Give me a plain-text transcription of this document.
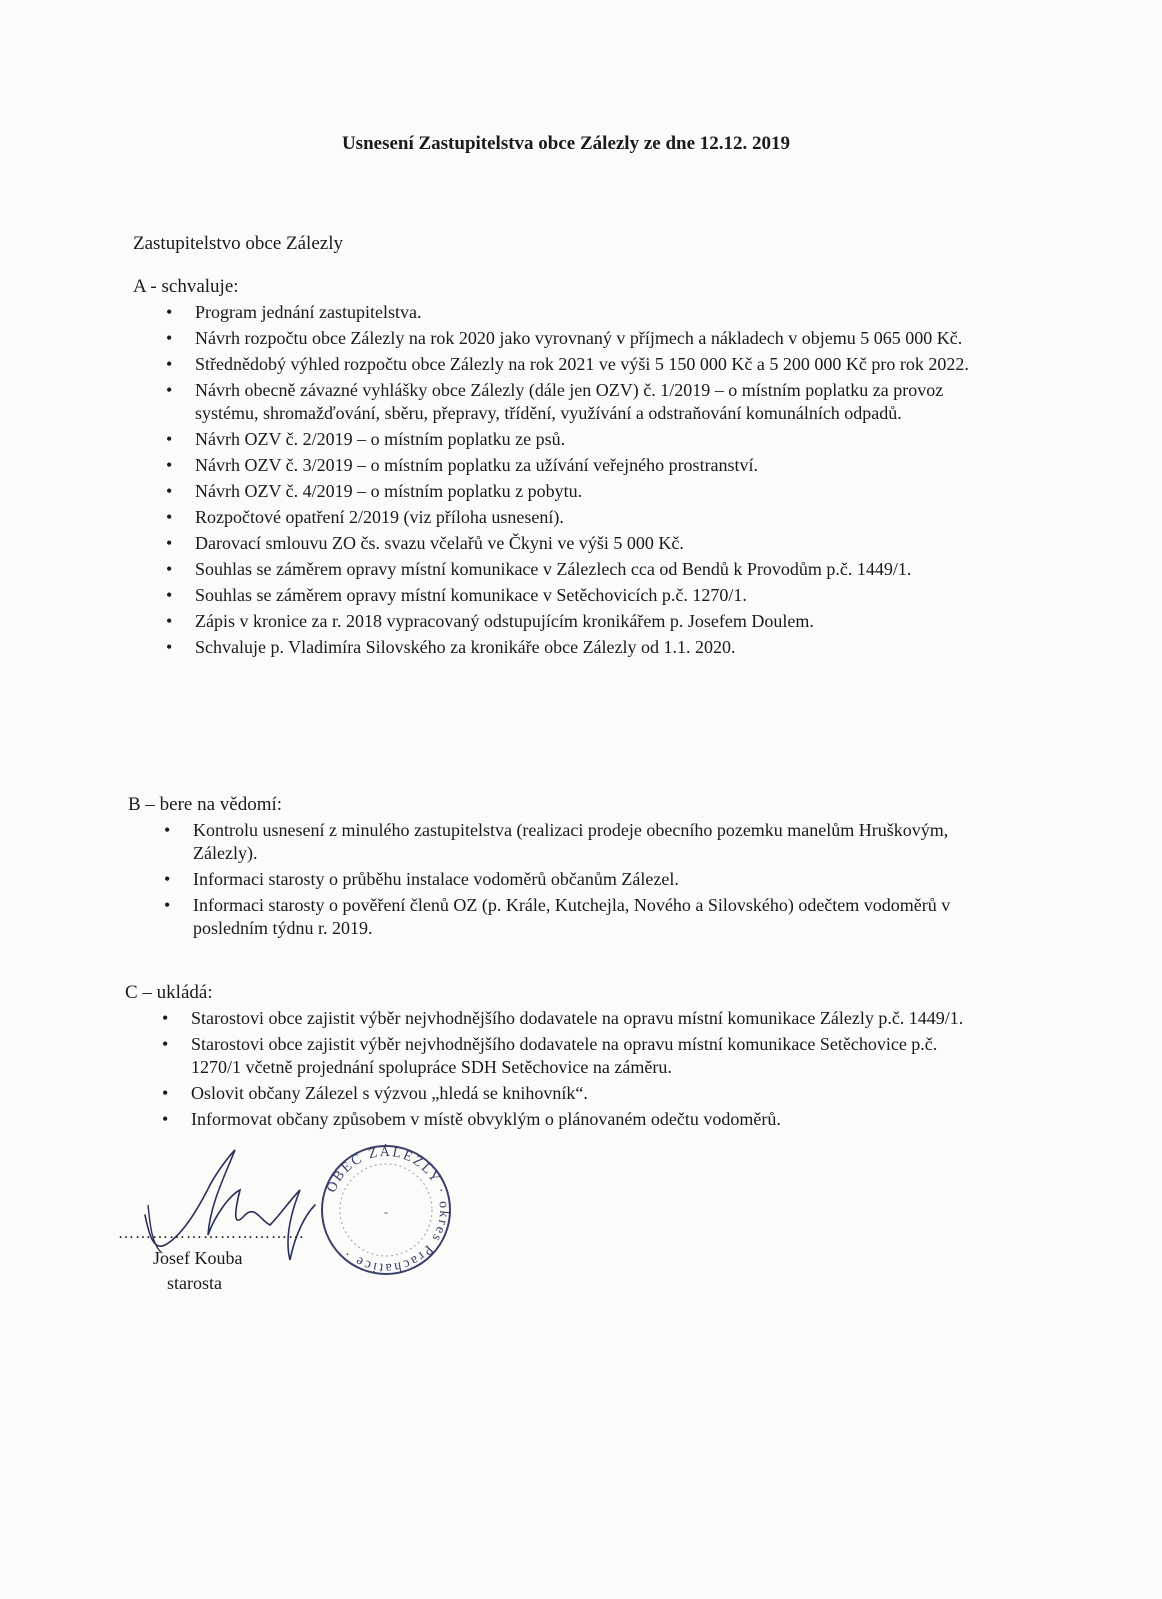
Usnesení Zastupitelstva obce Zálezly ze dne 12.12. 2019

Zastupitelstvo obce Zálezly

A - schvaluje:

• Program jednání zastupitelstva.
• Návrh rozpočtu obce Zálezly na rok 2020 jako vyrovnaný v příjmech a nákladech v objemu 5 065 000 Kč.
• Střednědobý výhled rozpočtu obce Zálezly na rok 2021 ve výši 5 150 000 Kč a 5 200 000 Kč pro rok 2022.
• Návrh obecně závazné vyhlášky obce Zálezly (dále jen OZV) č. 1/2019 – o místním poplatku za provoz systému, shromažďování, sběru, přepravy, třídění, využívání a odstraňování komunálních odpadů.
• Návrh OZV č. 2/2019 – o místním poplatku ze psů.
• Návrh OZV č. 3/2019 – o místním poplatku za užívání veřejného prostranství.
• Návrh OZV č. 4/2019 – o místním poplatku z pobytu.
• Rozpočtové opatření 2/2019 (viz příloha usnesení).
• Darovací smlouvu ZO čs. svazu včelařů ve Čkyni ve výši 5 000 Kč.
• Souhlas se záměrem opravy místní komunikace v Zálezlech cca od Bendů k Provodům p.č. 1449/1.
• Souhlas se záměrem opravy místní komunikace v Setěchovicích p.č. 1270/1.
• Zápis v kronice za r. 2018 vypracovaný odstupujícím kronikářem p. Josefem Doulem.
• Schvaluje p. Vladimíra Silovského za kronikáře obce Zálezly od 1.1. 2020.

B – bere na vědomí:

• Kontrolu usnesení z minulého zastupitelstva (realizaci prodeje obecního pozemku manelům Hruškovým, Zálezly).
• Informaci starosty o průběhu instalace vodoměrů občanům Zálezel.
• Informaci starosty o pověření členů OZ (p. Krále, Kutchejla, Nového a Silovského) odečtem vodoměrů v posledním týdnu r. 2019.

C – ukládá:

• Starostovi obce zajistit výběr nejvhodnějšího dodavatele na opravu místní komunikace Zálezly p.č. 1449/1.
• Starostovi obce zajistit výběr nejvhodnějšího dodavatele na opravu místní komunikace Setěchovice p.č. 1270/1 včetně projednání spolupráce SDH Setěchovice na záměru.
• Oslovit občany Zálezel s výzvou „hledá se knihovník“.
• Informovat občany způsobem v místě obvyklým o plánovaném odečtu vodoměrů.
……………………………

Josef Kouba

starosta

OBEC ZÁLEZLY · okres Prachatice ·
-
